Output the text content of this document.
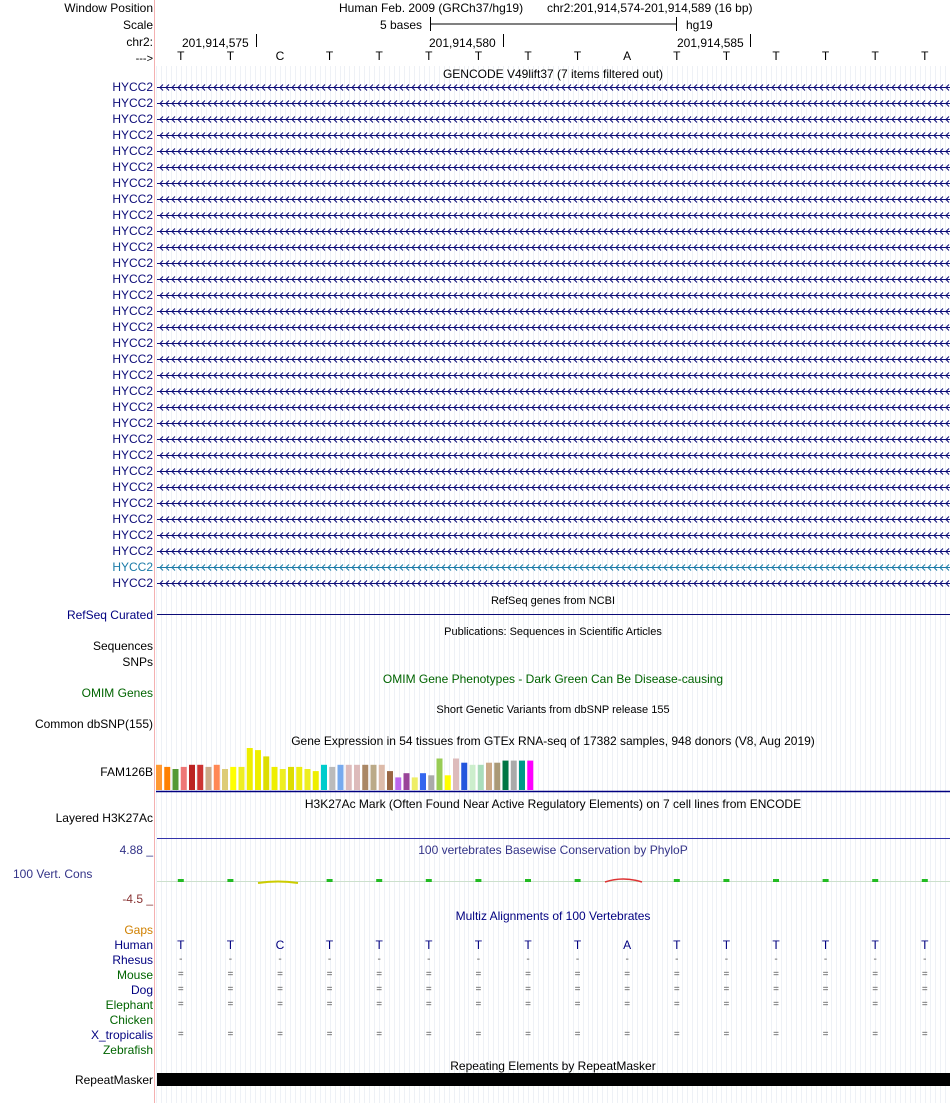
Window Position
Scale
chr2:
--->
Human Feb. 2009 (GRCh37/hg19) chr2:201,914,574-201,914,589 (16 bp)
5 bases	hg19
201,914,575	201,914,580	201,914,585
T	T	C	T	T	T	T	T	T	A	T	T	T	T	T	T
GENCODE V49lift37 (7 items filtered out)
HYCC2
HYCC2
HYCC2
HYCC2
HYCC2
HYCC2
HYCC2
HYCC2
HYCC2
HYCC2
HYCC2
HYCC2
HYCC2
HYCC2
HYCC2
HYCC2
HYCC2
HYCC2
HYCC2
HYCC2
HYCC2
HYCC2
HYCC2
HYCC2
HYCC2
HYCC2
HYCC2
HYCC2
HYCC2
HYCC2
HYCC2
HYCC2
RefSeq Curated
RefSeq genes from NCBI
Publications: Sequences in Scientific Articles
Sequences
SNPs
OMIM Gene Phenotypes - Dark Green Can Be Disease-causing
OMIM Genes
Short Genetic Variants from dbSNP release 155
Common dbSNP(155)
Gene Expression in 54 tissues from GTEx RNA-seq of 17382 samples, 948 donors (V8, Aug 2019)
FAM126B
H3K27Ac Mark (Often Found Near Active Regulatory Elements) on 7 cell lines from ENCODE
Layered H3K27Ac
100 vertebrates Basewise Conservation by PhyloP
4.88 _
100 Vert. Cons
-4.5 _
Multiz Alignments of 100 Vertebrates
Gaps
Human T	T	C	T	T	T	T	T	T	A	T	T	T	T	T	T
Rhesus	-	-	-	-	-	-	-	-	-	-	-	-	-	-	-	-
Mouse =	=	=	=	=	=	=	=	=	=	=	=	=	=	=	=
Dog =	=	=	=	=	=	=	=	=	=	=	=	=	=	=	=
Elephant =	=	=	=	=	=	=	=	=	=	=	=	=	=	=	=
Chicken
X_tropicalis =	=	=	=	=	=	=	=	=	=	=	=	=	=	=	=
Zebrafish
Repeating Elements by RepeatMasker
RepeatMasker
